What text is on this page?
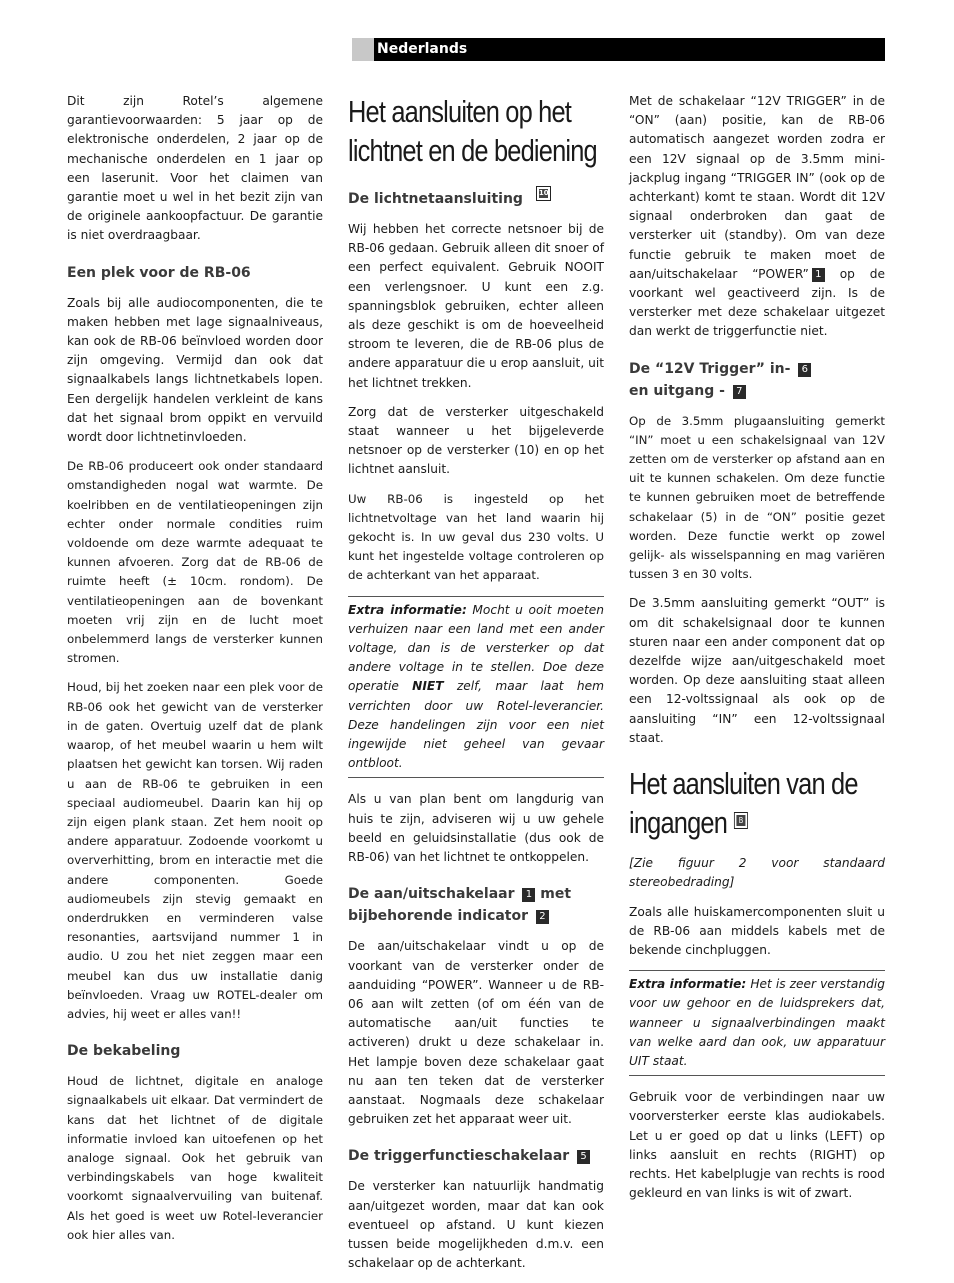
Nederlands

Dit zijn Rotel’s algemene garantievoorwaarden: 5 jaar op de elektronische onderdelen, 2 jaar op de mechanische onderdelen en 1 jaar op een laserunit. Voor het claimen van garantie moet u wel in het bezit zijn van de originele aankoopfactuur. De garantie is niet overdraagbaar.

Een plek voor de RB-06

Zoals bij alle audiocomponenten, die te maken hebben met lage signaalniveaus, kan ook de RB-06 beïnvloed worden door zijn omgeving. Vermijd dan ook dat signaalkabels langs lichtnetkabels lopen. Een dergelijk handelen verkleint de kans dat het signaal brom oppikt en vervuild wordt door lichtnetinvloeden.

De RB-06 produceert ook onder standaard omstandigheden nogal wat warmte. De koelribben en de ventilatieopeningen zijn echter onder normale condities ruim voldoende om deze warmte adequaat te kunnen afvoeren. Zorg dat de RB-06 de ruimte heeft (± 10cm. rondom). De ventilatieopeningen aan de bovenkant moeten vrij zijn en de lucht moet onbelemmerd langs de versterker kunnen stromen.

Houd, bij het zoeken naar een plek voor de RB-06 ook het gewicht van de versterker in de gaten. Overtuig uzelf dat de plank waarop, of het meubel waarin u hem wilt plaatsen het gewicht kan torsen. Wij raden u aan de RB-06 te gebruiken in een speciaal audiomeubel. Daarin kan hij op zijn eigen plank staan. Zet hem nooit op andere apparatuur. Zodoende voorkomt u oververhitting, brom en interactie met die andere componenten. Goede audiomeubels zijn stevig gemaakt en onderdrukken en verminderen valse resonanties, aartsvijand nummer 1 in audio. U zou het niet zeggen maar een meubel kan dus uw installatie danig beïnvloeden. Vraag uw ROTEL-dealer om advies, hij weet er alles van!!

De bekabeling

Houd de lichtnet, digitale en analoge signaalkabels uit elkaar. Dat vermindert de kans dat het lichtnet of de digitale informatie invloed kan uitoefenen op het analoge signaal. Ook het gebruik van verbindingskabels van hoge kwaliteit voorkomt signaalvervuiling van buitenaf. Als het goed is weet uw Rotel-leverancier ook hier alles van.

Het aansluiten op het lichtnet en de bediening
De lichtnetaansluiting 10

Wij hebben het correcte netsnoer bij de RB-06 gedaan. Gebruik alleen dit snoer of een perfect equivalent. Gebruik NOOIT een verlengsnoer. U kunt een z.g. spanningsblok gebruiken, echter alleen als deze geschikt is om de hoeveelheid stroom te leveren, die de RB-06 plus de andere apparatuur die u erop aansluit, uit het lichtnet trekken.

Zorg dat de versterker uitgeschakeld staat wanneer u het bijgeleverde netsnoer op de versterker (10) en op het lichtnet aansluit.

Uw RB-06 is ingesteld op het lichtnetvoltage van het land waarin hij gekocht is. In uw geval dus 230 volts. U kunt het ingestelde voltage controleren op de achterkant van het apparaat.

Extra informatie: Mocht u ooit moeten verhuizen naar een land met een ander voltage, dan is de versterker op dat andere voltage in te stellen. Doe deze operatie NIET zelf, maar laat hem verrichten door uw Rotel-leverancier. Deze handelingen zijn voor een niet ingewijde niet geheel van gevaar ontbloot.

Als u van plan bent om langdurig van huis te zijn, adviseren wij u uw gehele beeld en geluidsinstallatie (dus ook de RB-06) van het lichtnet te ontkoppelen.

De aan/uitschakelaar 1 met bijbehorende indicator 2

De aan/uitschakelaar vindt u op de voorkant van de versterker onder de aanduiding “POWER”. Wanneer u de RB-06 aan wilt zetten (of om één van de automatische aan/uit functies te activeren) drukt u deze schakelaar in. Het lampje boven deze schakelaar gaat nu aan ten teken dat de versterker aanstaat. Nogmaals deze schakelaar gebruiken zet het apparaat weer uit.

De triggerfunctieschakelaar 5

De versterker kan natuurlijk handmatig aan/uitgezet worden, maar dat kan ook eventueel op afstand. U kunt kiezen tussen beide mogelijkheden d.m.v. een schakelaar op de achterkant.

Met de schakelaar “12V TRIGGER” in de “ON” (aan) positie, kan de RB-06 automatisch aangezet worden zodra er een 12V signaal op de 3.5mm mini-jackplug ingang “TRIGGER IN” (ook op de achterkant) komt te staan. Wordt dit 12V signaal onderbroken dan gaat de versterker uit (standby). Om van deze functie gebruik te maken moet de aan/uitschakelaar “POWER” 1 op de voorkant wel geactiveerd zijn. Is de versterker met deze schakelaar uitgezet dan werkt de triggerfunctie niet.

De “12V Trigger” in- 6
en uitgang - 7

Op de 3.5mm plugaansluiting gemerkt “IN” moet u een schakelsignaal van 12V zetten om de versterker op afstand aan en uit te kunnen schakelen. Om deze functie te kunnen gebruiken moet de betreffende schakelaar (5) in de “ON” positie gezet worden. Deze functie werkt op zowel gelijk- als wisselspanning en mag variëren tussen 3 en 30 volts.

De 3.5mm aansluiting gemerkt “OUT” is om dit schakelsignaal door te kunnen sturen naar een ander component dat op dezelfde wijze aan/uitgeschakeld moet worden. Op deze aansluiting staat alleen een 12-voltssignaal als ook op de aansluiting “IN” een 12-voltssignaal staat.

Het aansluiten van de ingangen	B

[Zie figuur 2 voor standaard stereobedrading]

Zoals alle huiskamercomponenten sluit u de RB-06 aan middels kabels met de bekende cinchpluggen.

Extra informatie: Het is zeer verstandig voor uw gehoor en de luidsprekers dat, wanneer u signaalverbindingen maakt van welke aard dan ook, uw apparatuur UIT staat.

Gebruik voor de verbindingen naar uw voorversterker eerste klas audiokabels. Let u er goed op dat u links (LEFT) op links aansluit en rechts (RIGHT) op rechts. Het kabelplugje van rechts is rood gekleurd en van links is wit of zwart.
